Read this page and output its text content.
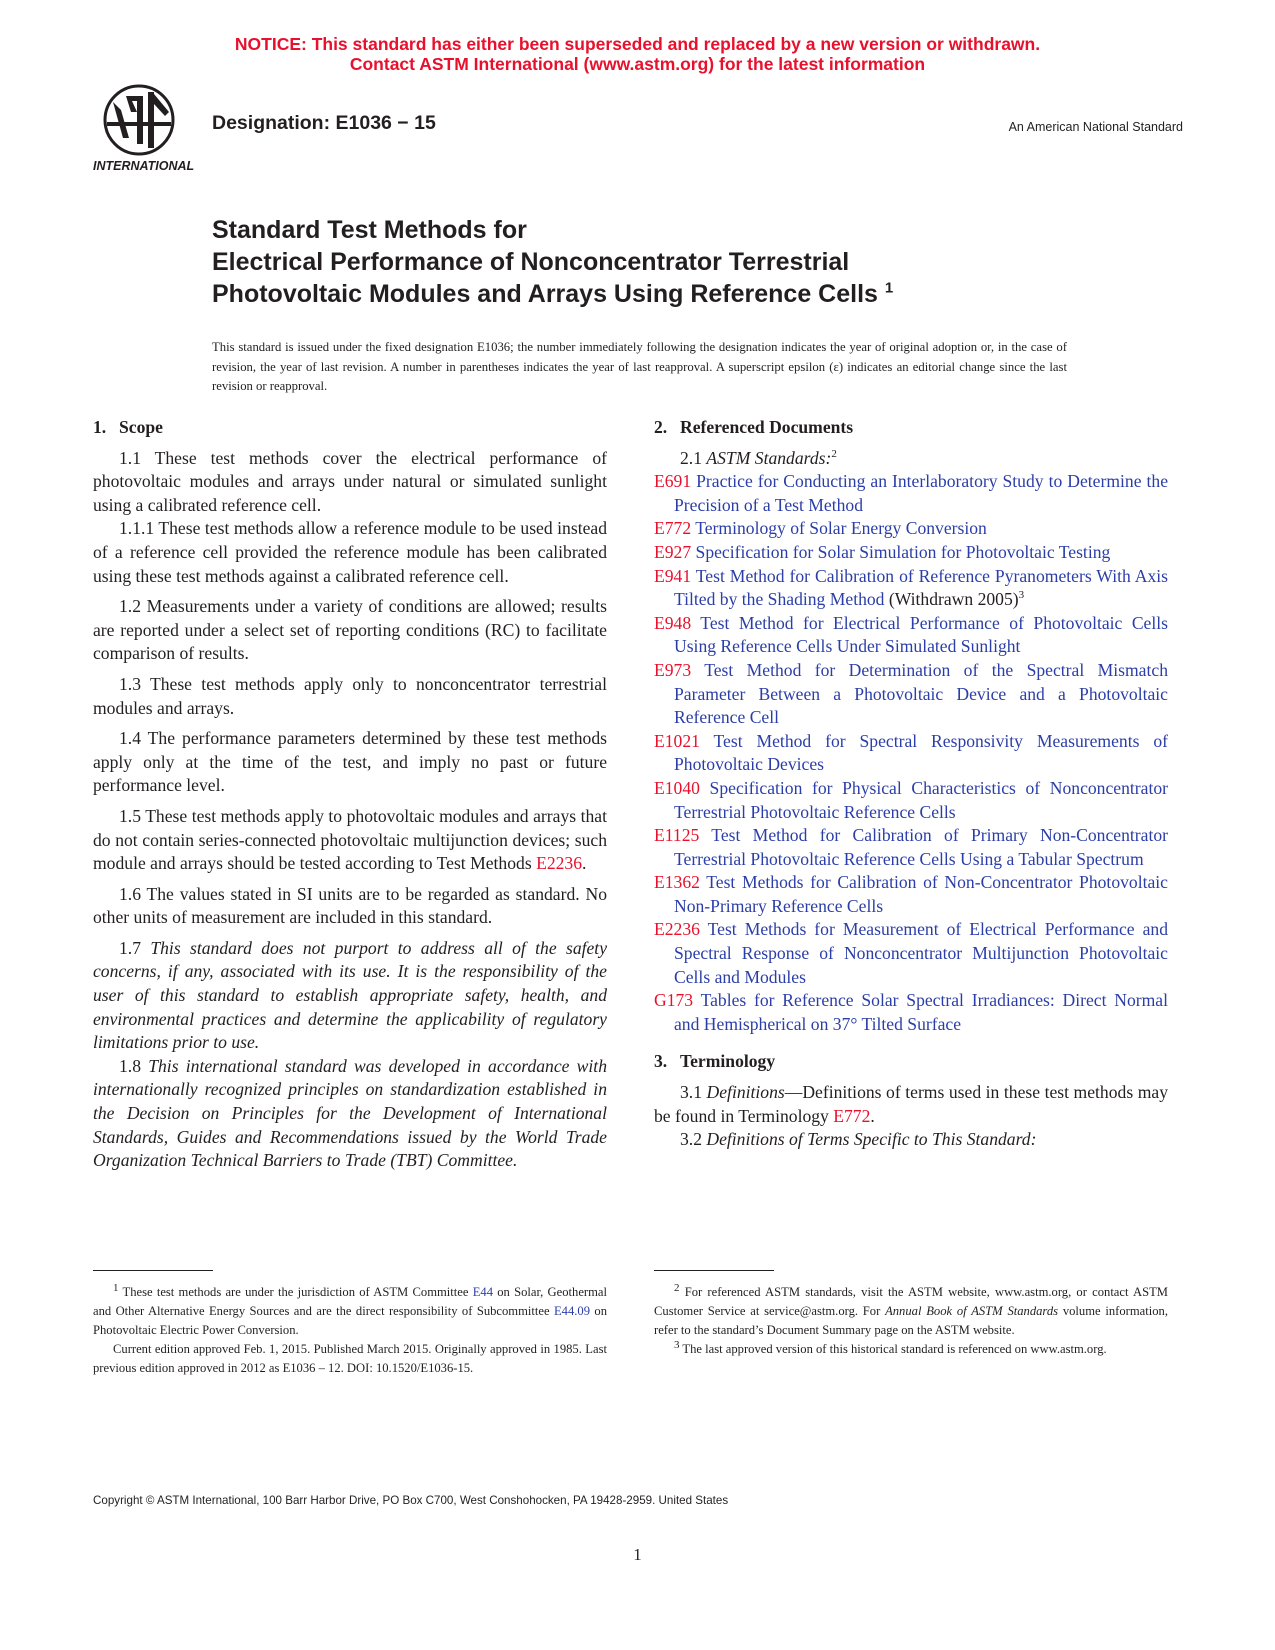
NOTICE: This standard has either been superseded and replaced by a new version or withdrawn.
Contact ASTM International (www.astm.org) for the latest information
INTERNATIONAL
Designation: E1036 − 15	An American National Standard
Standard Test Methods for
Electrical Performance of Nonconcentrator Terrestrial
Photovoltaic Modules and Arrays Using Reference Cells $^1$
This standard is issued under the fixed designation E1036; the number immediately following the designation indicates the year of original adoption or, in the case of revision, the year of last revision. A number in parentheses indicates the year of last reapproval. A superscript epsilon (ε) indicates an editorial change since the last revision or reapproval.
1. Scope

1.1 These test methods cover the electrical performance of photovoltaic modules and arrays under natural or simulated sunlight using a calibrated reference cell.

1.1.1 These test methods allow a reference module to be used instead of a reference cell provided the reference module has been calibrated using these test methods against a calibrated reference cell.

1.2 Measurements under a variety of conditions are allowed; results are reported under a select set of reporting conditions (RC) to facilitate comparison of results.

1.3 These test methods apply only to nonconcentrator terrestrial modules and arrays.

1.4 The performance parameters determined by these test methods apply only at the time of the test, and imply no past or future performance level.

1.5 These test methods apply to photovoltaic modules and arrays that do not contain series-connected photovoltaic multijunction devices; such module and arrays should be tested according to Test Methods E2236.

1.6 The values stated in SI units are to be regarded as standard. No other units of measurement are included in this standard.

1.7 This standard does not purport to address all of the safety concerns, if any, associated with its use. It is the responsibility of the user of this standard to establish appropriate safety, health, and environmental practices and determine the applicability of regulatory limitations prior to use.

1.8 This international standard was developed in accordance with internationally recognized principles on standardization established in the Decision on Principles for the Development of International Standards, Guides and Recommendations issued by the World Trade Organization Technical Barriers to Trade (TBT) Committee.

2. Referenced Documents

2.1 ASTM Standards:$^2$

E691 Practice for Conducting an Interlaboratory Study to Determine the Precision of a Test Method

E772 Terminology of Solar Energy Conversion

E927 Specification for Solar Simulation for Photovoltaic Testing

E941 Test Method for Calibration of Reference Pyranometers With Axis Tilted by the Shading Method (Withdrawn 2005)$^3$

E948 Test Method for Electrical Performance of Photovoltaic Cells Using Reference Cells Under Simulated Sunlight

E973 Test Method for Determination of the Spectral Mismatch Parameter Between a Photovoltaic Device and a Photovoltaic Reference Cell

E1021 Test Method for Spectral Responsivity Measurements of Photovoltaic Devices

E1040 Specification for Physical Characteristics of Nonconcentrator Terrestrial Photovoltaic Reference Cells

E1125 Test Method for Calibration of Primary Non-Concentrator Terrestrial Photovoltaic Reference Cells Using a Tabular Spectrum

E1362 Test Methods for Calibration of Non-Concentrator Photovoltaic Non-Primary Reference Cells

E2236 Test Methods for Measurement of Electrical Performance and Spectral Response of Nonconcentrator Multijunction Photovoltaic Cells and Modules

G173 Tables for Reference Solar Spectral Irradiances: Direct Normal and Hemispherical on 37° Tilted Surface

3. Terminology

3.1 Definitions—Definitions of terms used in these test methods may be found in Terminology E772.

3.2 Definitions of Terms Specific to This Standard:

$^1$ These test methods are under the jurisdiction of ASTM Committee E44 on Solar, Geothermal and Other Alternative Energy Sources and are the direct responsibility of Subcommittee E44.09 on Photovoltaic Electric Power Conversion.

Current edition approved Feb. 1, 2015. Published March 2015. Originally approved in 1985. Last previous edition approved in 2012 as E1036 – 12. DOI: 10.1520/E1036-15.

$^2$ For referenced ASTM standards, visit the ASTM website, www.astm.org, or contact ASTM Customer Service at service@astm.org. For Annual Book of ASTM Standards volume information, refer to the standard’s Document Summary page on the ASTM website.

$^3$ The last approved version of this historical standard is referenced on www.astm.org.

Copyright © ASTM International, 100 Barr Harbor Drive, PO Box C700, West Conshohocken, PA 19428-2959. United States
1
